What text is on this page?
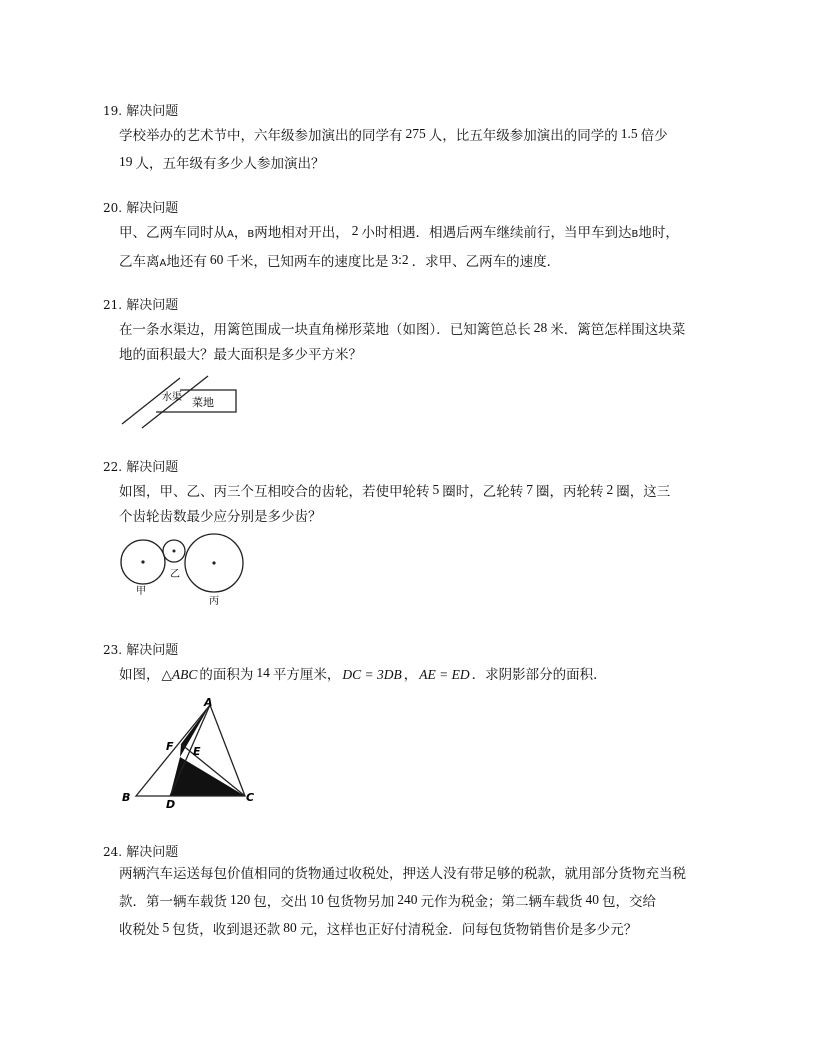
19. 解决问题
学校举办的艺术节中，六年级参加演出的同学有 275 人，比五年级参加演出的同学的 1.5 倍少
19 人，五年级有多少人参加演出？
20. 解决问题
甲、乙两车同时从A，B两地相对开出， 2 小时相遇．相遇后两车继续前行，当甲车到达B地时，
乙车离A地还有 60 千米，已知两车的速度比是 3:2 ．求甲、乙两车的速度．
21. 解决问题
在一条水渠边，用篱笆围成一块直角梯形菜地（如图）．已知篱笆总长 28 米．篱笆怎样围这块菜
地的面积最大？最大面积是多少平方米？
水渠 菜地
22. 解决问题
如图，甲、乙、丙三个互相咬合的齿轮，若使甲轮转 5 圈时，乙轮转 7 圈，丙轮转 2 圈，这三
个齿轮齿数最少应分别是多少齿？
甲
乙
丙
23. 解决问题
如图， △ABC 的面积为 14 平方厘米， DC = 3DB ， AE = ED ．求阴影部分的面积．
A
B	C
D
E
F
24. 解决问题
两辆汽车运送每包价值相同的货物通过收税处，押送人没有带足够的税款，就用部分货物充当税
款．第一辆车载货 120 包，交出 10 包货物另加 240 元作为税金；第二辆车载货 40 包，交给
收税处 5 包货，收到退还款 80 元，这样也正好付清税金．问每包货物销售价是多少元？
